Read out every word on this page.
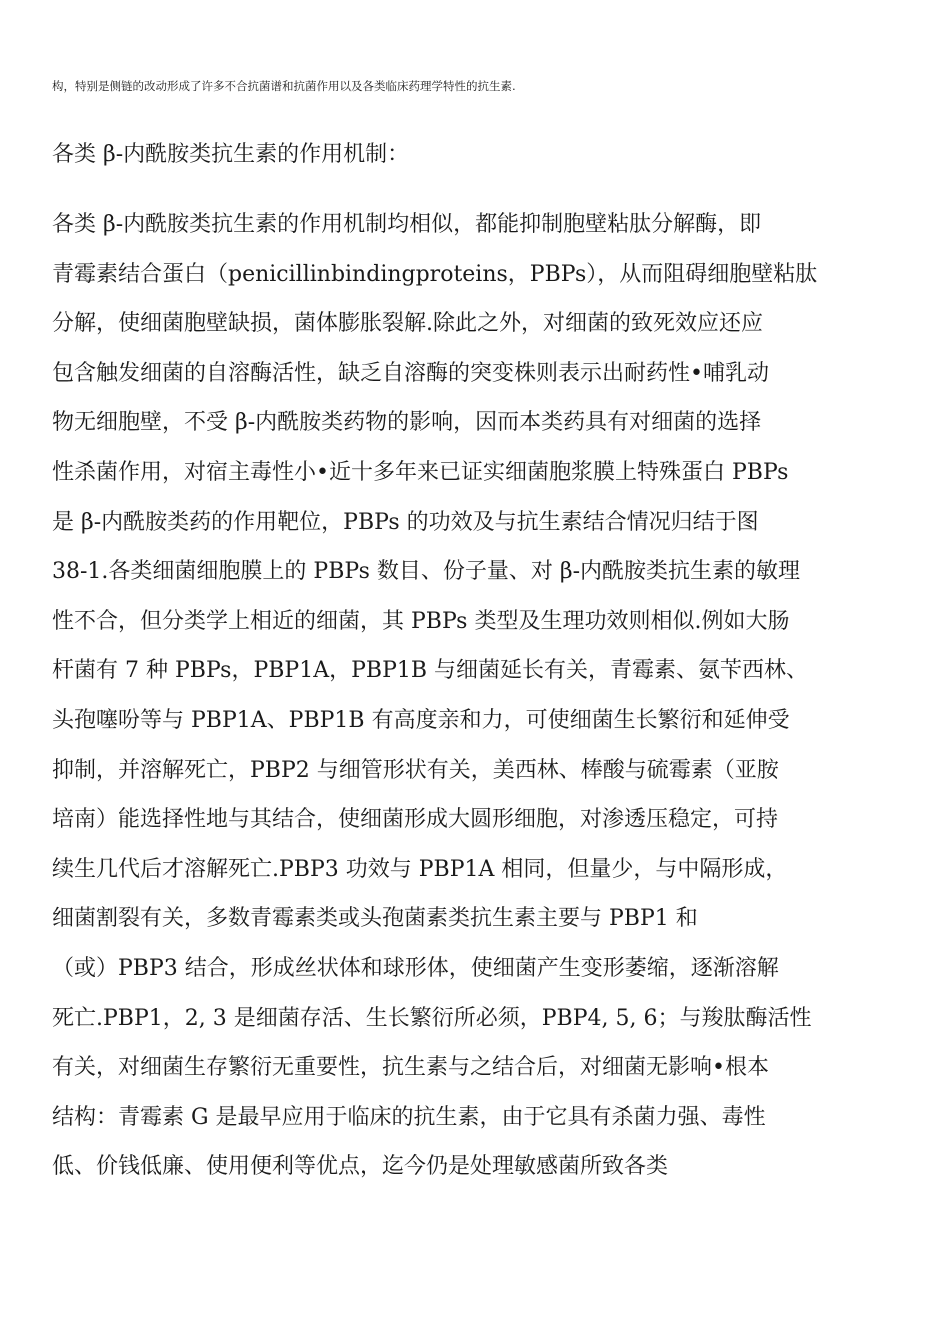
构，特别是侧链的改动形成了许多不合抗菌谱和抗菌作用以及各类临床药理学特性的抗生素.
各类 β-内酰胺类抗生素的作用机制：
各类 β-内酰胺类抗生素的作用机制均相似，都能抑制胞壁粘肽分解酶，即
青霉素结合蛋白（penicillinbindingproteins，PBPs），从而阻碍细胞壁粘肽
分解，使细菌胞壁缺损，菌体膨胀裂解.除此之外，对细菌的致死效应还应
包含触发细菌的自溶酶活性，缺乏自溶酶的突变株则表示出耐药性•哺乳动
物无细胞壁，不受 β-内酰胺类药物的影响，因而本类药具有对细菌的选择
性杀菌作用，对宿主毒性小•近十多年来已证实细菌胞浆膜上特殊蛋白 PBPs
是 β-内酰胺类药的作用靶位，PBPs 的功效及与抗生素结合情况归结于图
38-1.各类细菌细胞膜上的 PBPs 数目、份子量、对 β-内酰胺类抗生素的敏理
性不合，但分类学上相近的细菌，其 PBPs 类型及生理功效则相似.例如大肠
杆菌有 7 种 PBPs，PBP1A，PBP1B 与细菌延长有关，青霉素、氨苄西林、
头孢噻吩等与 PBP1A、PBP1B 有高度亲和力，可使细菌生长繁衍和延伸受
抑制，并溶解死亡，PBP2 与细管形状有关，美西林、棒酸与硫霉素（亚胺
培南）能选择性地与其结合，使细菌形成大圆形细胞，对渗透压稳定，可持
续生几代后才溶解死亡.PBP3 功效与 PBP1A 相同，但量少，与中隔形成，
细菌割裂有关，多数青霉素类或头孢菌素类抗生素主要与 PBP1 和
（或）PBP3 结合，形成丝状体和球形体，使细菌产生变形萎缩，逐渐溶解
死亡.PBP1，2, 3 是细菌存活、生长繁衍所必须，PBP4, 5, 6；与羧肽酶活性
有关，对细菌生存繁衍无重要性，抗生素与之结合后，对细菌无影响•根本
结构：青霉素 G 是最早应用于临床的抗生素，由于它具有杀菌力强、毒性
低、价钱低廉、使用便利等优点，迄今仍是处理敏感菌所致各类
